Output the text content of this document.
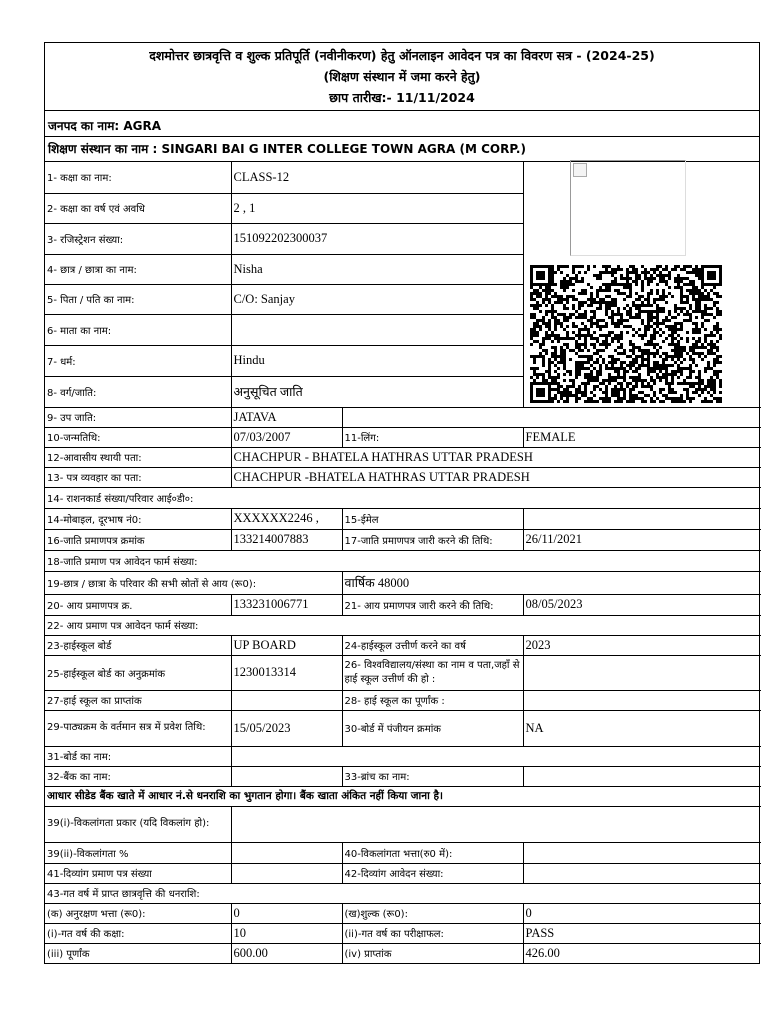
दशमोत्तर छात्रवृत्ति व शुल्क प्रतिपूर्ति (नवीनीकरण) हेतु ऑनलाइन आवेदन पत्र का विवरण सत्र - (2024-25)
(शिक्षण संस्थान में जमा करने हेतु)
छाप तारीख:- 11/11/2024
जनपद का नाम: AGRA
शिक्षण संस्थान का नाम : SINGARI BAI G INTER COLLEGE TOWN AGRA (M CORP.)
1- कक्षा का नाम:	CLASS-12		
2- कक्षा का वर्ष एवं अवधि	2 , 1		
3- रजिस्ट्रेशन संख्या:	151092202300037		
4- छात्र / छात्रा का नाम:	Nisha		
5- पिता / पति का नाम:	C/O: Sanjay		
6- माता का नाम:			
7- धर्म:	Hindu		
8- वर्ग/जाति:	अनुसूचित जाति		
9- उप जाति:	JATAVA		
10-जन्मतिथि:	07/03/2007	11-लिंग:	FEMALE
12-आवासीय स्थायी पता:	CHACHPUR - BHATELA HATHRAS UTTAR PRADESH		
13- पत्र व्यवहार का पता:	CHACHPUR -BHATELA HATHRAS UTTAR PRADESH		
14- राशनकार्ड संख्या/परिवार आई०डी०:			
14-मोबाइल, दूरभाष नं0:	XXXXXX2246 ,	15-ईमेल	
16-जाति प्रमाणपत्र क्रमांक	133214007883	17-जाति प्रमाणपत्र जारी करने की तिथि:	26/11/2021
18-जाति प्रमाण पत्र आवेदन फार्म संख्या:			
19-छात्र / छात्रा के परिवार की सभी स्रोतों से आय (रू0):		वार्षिक 48000	
20- आय प्रमाणपत्र क्र.	133231006771	21- आय प्रमाणपत्र जारी करने की तिथि:	08/05/2023
22- आय प्रमाण पत्र आवेदन फार्म संख्या:			
23-हाईस्कूल बोर्ड	UP BOARD	24-हाईस्कूल उत्तीर्ण करने का वर्ष	2023
25-हाईस्कूल बोर्ड का अनुक्रमांक	1230013314	26- विश्वविद्यालय/संस्था का नाम व पता,जहाँ से हाई स्कूल उत्तीर्ण की हो :	
27-हाई स्कूल का प्राप्तांक		28- हाई स्कूल का पूर्णांक :	
29-पाठ्यक्रम के वर्तमान सत्र में प्रवेश तिथि:	15/05/2023	30-बोर्ड में पंजीयन क्रमांक	NA
31-बोर्ड का नाम:			
32-बैंक का नाम:		33-ब्रांच का नाम:	
आधार सीडेड बैंक खाते में आधार नं.से धनराशि का भुगतान होगा। बैंक खाता अंकित नहीं किया जाना है।			
39(i)-विकलांगता प्रकार (यदि विकलांग हो):			
39(ii)-विकलांगता %		40-विकलांगता भत्ता(रु0 में):	
41-दिव्यांग प्रमाण पत्र संख्या		42-दिव्यांग आवेदन संख्या:	
43-गत वर्ष में प्राप्त छात्रवृत्ति की धनराशि:			
(क) अनुरक्षण भत्ता (रू0):	0	(ख)शुल्क (रू0):	0
(i)-गत वर्ष की कक्षा:	10	(ii)-गत वर्ष का परीक्षाफल:	PASS
(iii) पूर्णांक	600.00	(iv) प्राप्तांक	426.00
